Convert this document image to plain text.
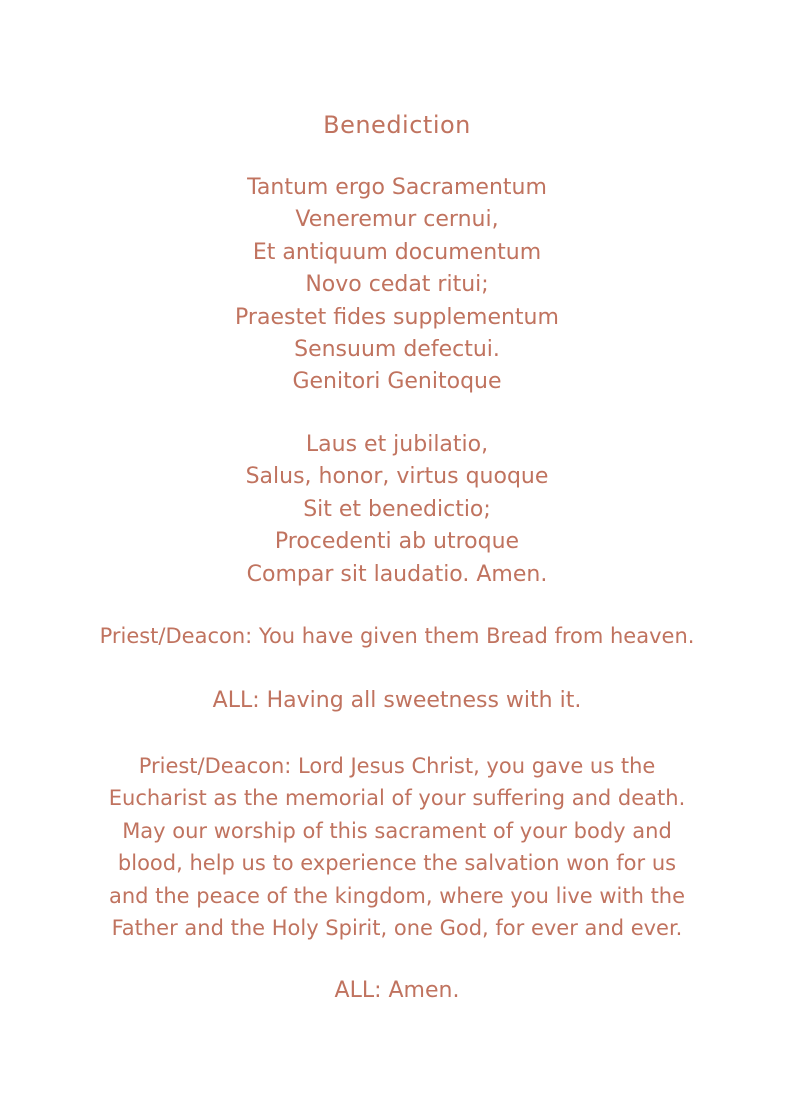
Benediction
Tantum ergo Sacramentum
Veneremur cernui,
Et antiquum documentum
Novo cedat ritui;
Praestet fides supplementum
Sensuum defectui.
Genitori Genitoque
Laus et jubilatio,
Salus, honor, virtus quoque
Sit et benedictio;
Procedenti ab utroque
Compar sit laudatio. Amen.
Priest/Deacon: You have given them Bread from heaven.
ALL: Having all sweetness with it.
Priest/Deacon: Lord Jesus Christ, you gave us the
Eucharist as the memorial of your suffering and death.
May our worship of this sacrament of your body and
blood, help us to experience the salvation won for us
and the peace of the kingdom, where you live with the
Father and the Holy Spirit, one God, for ever and ever.
ALL: Amen.
